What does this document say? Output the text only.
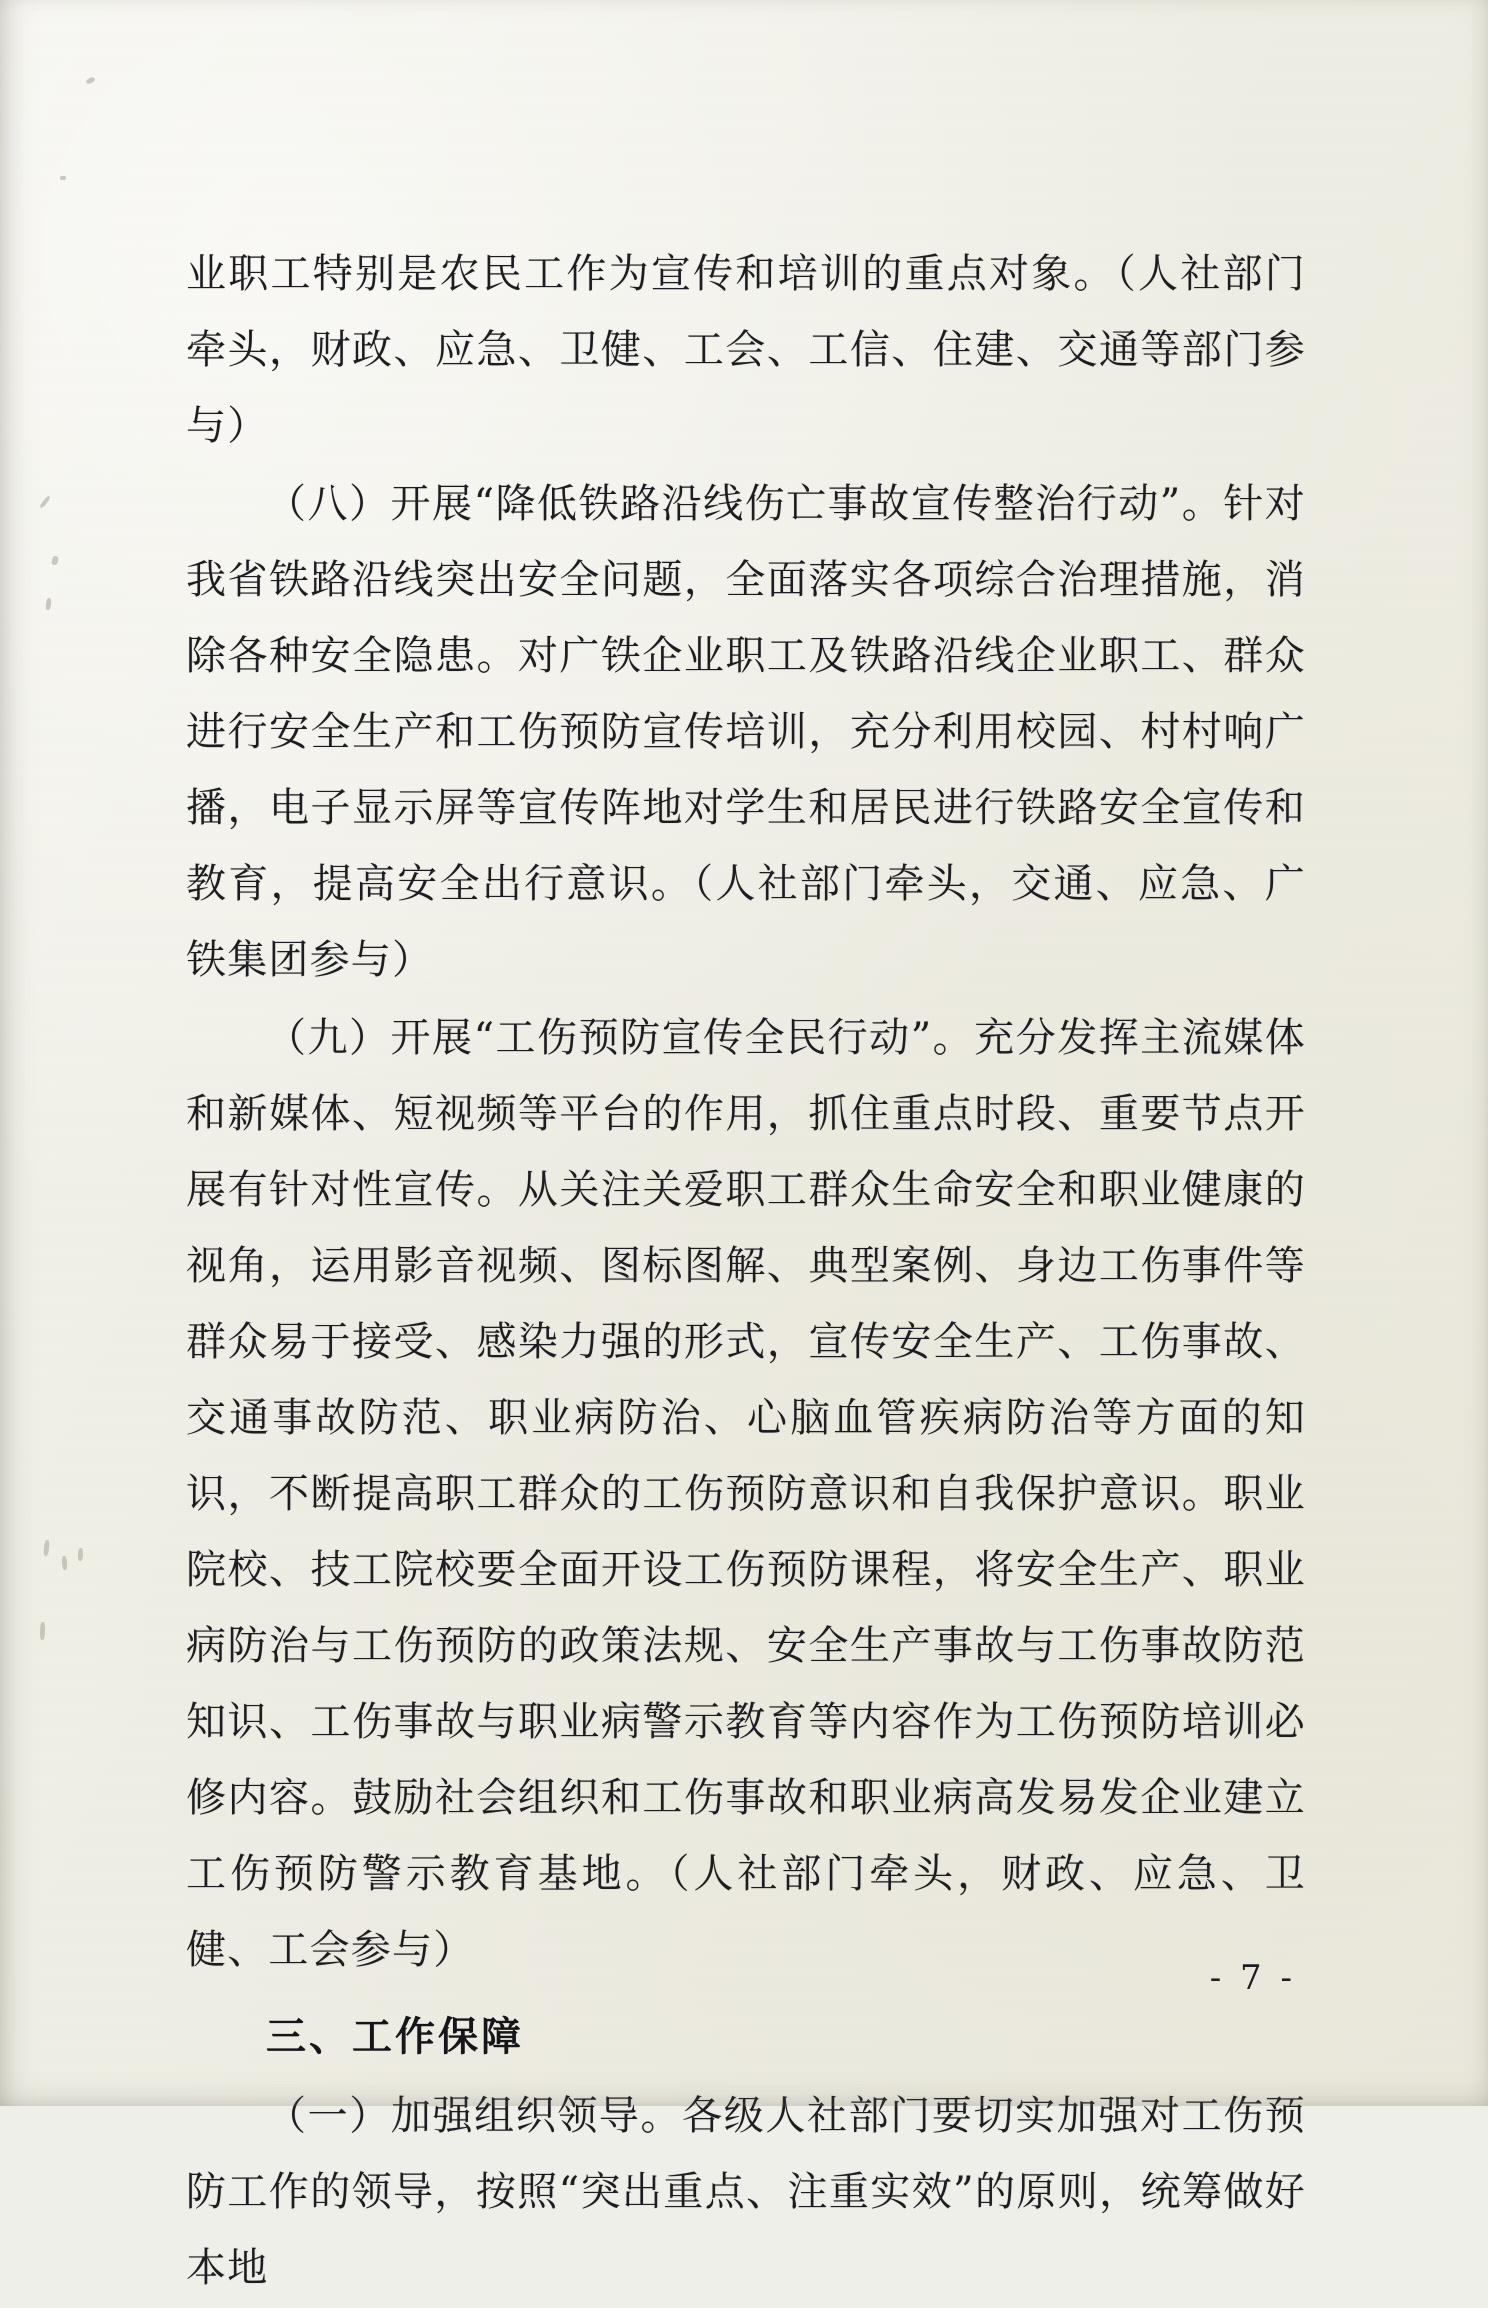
业职工特别是农民工作为宣传和培训的重点对象。（人社部门牵头，财政、应急、卫健、工会、工信、住建、交通等部门参与）

（八）开展“降低铁路沿线伤亡事故宣传整治行动”。针对我省铁路沿线突出安全问题，全面落实各项综合治理措施，消除各种安全隐患。对广铁企业职工及铁路沿线企业职工、群众进行安全生产和工伤预防宣传培训，充分利用校园、村村响广播，电子显示屏等宣传阵地对学生和居民进行铁路安全宣传和教育，提高安全出行意识。（人社部门牵头，交通、应急、广铁集团参与）

（九）开展“工伤预防宣传全民行动”。充分发挥主流媒体和新媒体、短视频等平台的作用，抓住重点时段、重要节点开展有针对性宣传。从关注关爱职工群众生命安全和职业健康的视角，运用影音视频、图标图解、典型案例、身边工伤事件等群众易于接受、感染力强的形式，宣传安全生产、工伤事故、交通事故防范、职业病防治、心脑血管疾病防治等方面的知识，不断提高职工群众的工伤预防意识和自我保护意识。职业院校、技工院校要全面开设工伤预防课程，将安全生产、职业病防治与工伤预防的政策法规、安全生产事故与工伤事故防范知识、工伤事故与职业病警示教育等内容作为工伤预防培训必修内容。鼓励社会组织和工伤事故和职业病高发易发企业建立工伤预防警示教育基地。（人社部门牵头，财政、应急、卫健、工会参与）

三、工作保障

（一）加强组织领导。各级人社部门要切实加强对工伤预防工作的领导，按照“突出重点、注重实效”的原则，统筹做好本地

- 7 -
